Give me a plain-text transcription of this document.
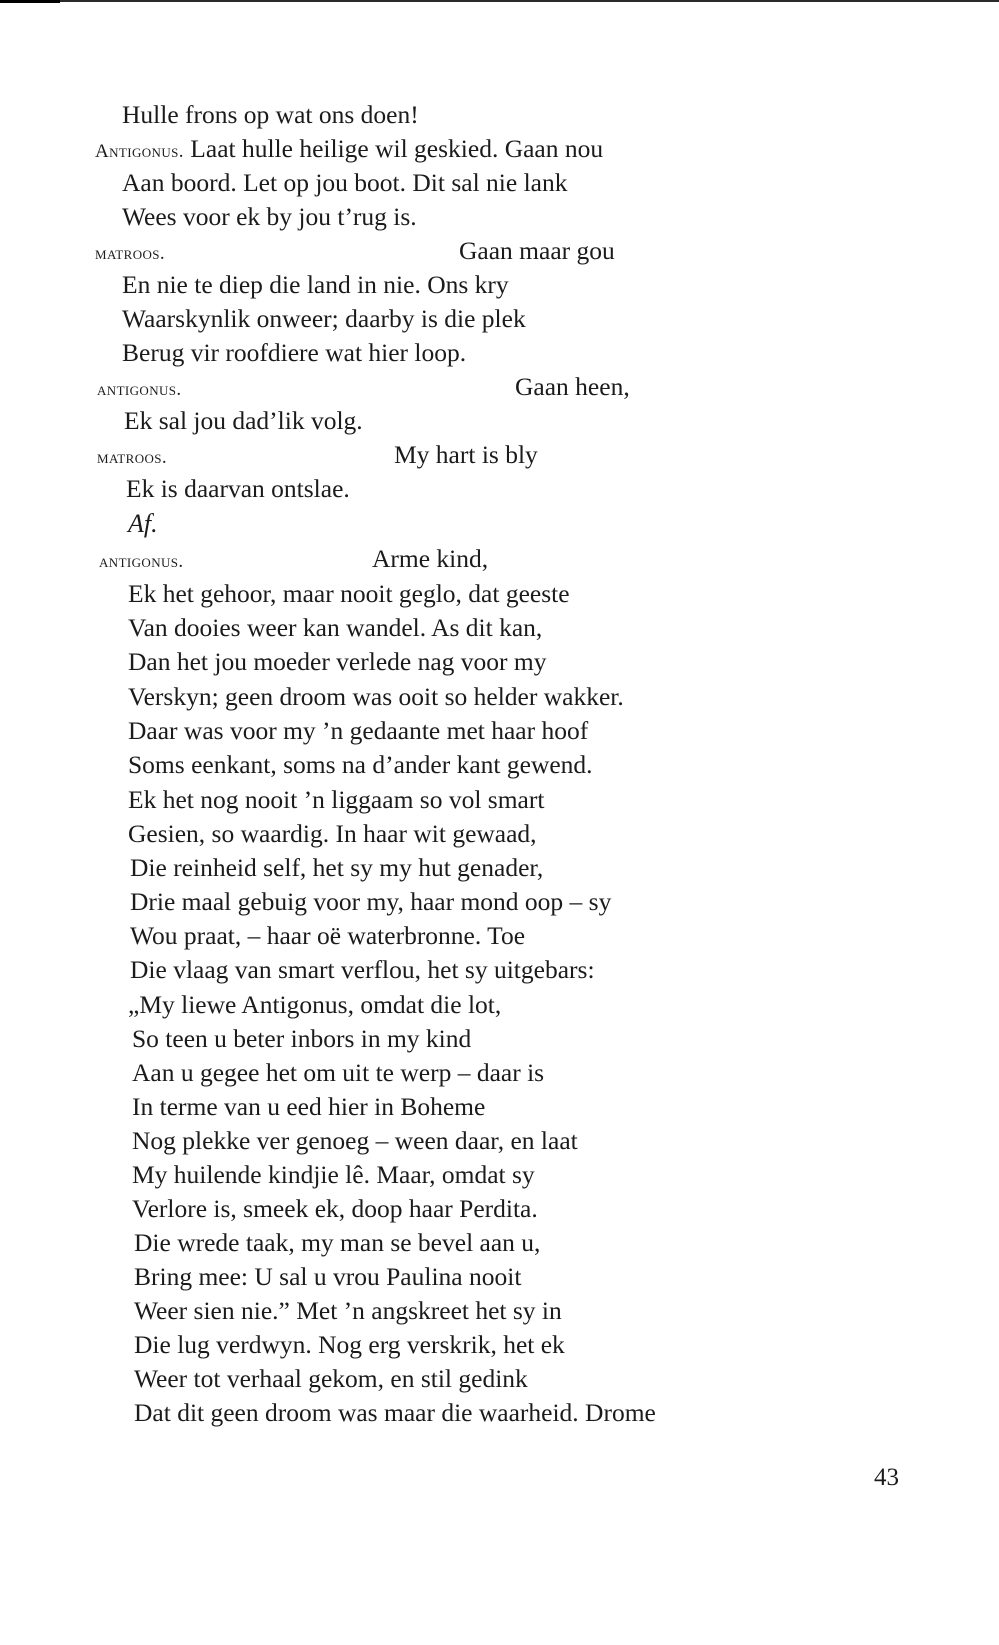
Hulle frons op wat ons doen!
Antigonus. Laat hulle heilige wil geskied. Gaan nou
Aan boord. Let op jou boot. Dit sal nie lank
Wees voor ek by jou t’rug is.
matroos.	Gaan maar gou
En nie te diep die land in nie. Ons kry
Waarskynlik onweer; daarby is die plek
Berug vir roofdiere wat hier loop.
antigonus.	Gaan heen,
Ek sal jou dad’lik volg.
matroos.	My hart is bly
Ek is daarvan ontslae.
Af.
antigonus.	Arme kind,
Ek het gehoor, maar nooit geglo, dat geeste
Van dooies weer kan wandel. As dit kan,
Dan het jou moeder verlede nag voor my
Verskyn; geen droom was ooit so helder wakker.
Daar was voor my ’n gedaante met haar hoof
Soms eenkant, soms na d’ander kant gewend.
Ek het nog nooit ’n liggaam so vol smart
Gesien, so waardig. In haar wit gewaad,
Die reinheid self, het sy my hut genader,
Drie maal gebuig voor my, haar mond oop – sy
Wou praat, – haar oë waterbronne. Toe
Die vlaag van smart verflou, het sy uitgebars:
„My liewe Antigonus, omdat die lot,
So teen u beter inbors in my kind
Aan u gegee het om uit te werp – daar is
In terme van u eed hier in Boheme
Nog plekke ver genoeg – ween daar, en laat
My huilende kindjie lê. Maar, omdat sy
Verlore is, smeek ek, doop haar Perdita.
Die wrede taak, my man se bevel aan u,
Bring mee: U sal u vrou Paulina nooit
Weer sien nie.” Met ’n angskreet het sy in
Die lug verdwyn. Nog erg verskrik, het ek
Weer tot verhaal gekom, en stil gedink
Dat dit geen droom was maar die waarheid. Drome
43
